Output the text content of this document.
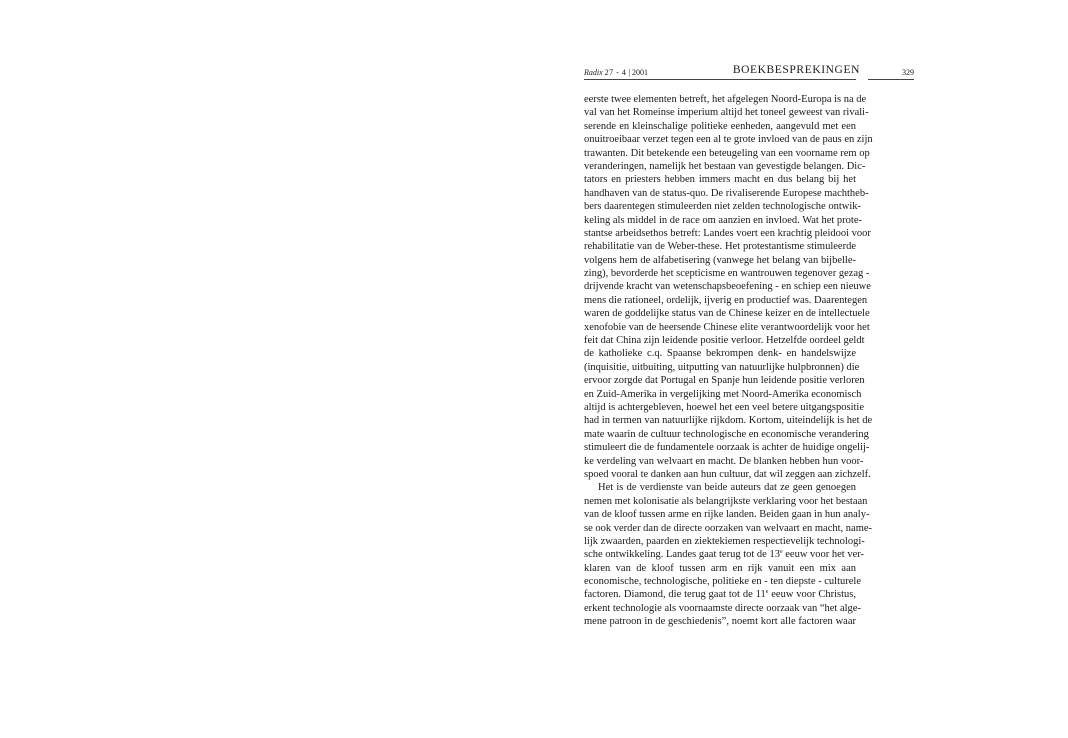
Radix 27 - 4 | 2001	BOEKBESPREKINGEN	329
eerste twee elementen betreft, het afgelegen Noord-Europa is na de
val van het Romeinse imperium altijd het toneel geweest van rivali-
serende en kleinschalige politieke eenheden, aangevuld met een
onuitroeibaar verzet tegen een al te grote invloed van de paus en zijn
trawanten. Dit betekende een beteugeling van een voorname rem op
veranderingen, namelijk het bestaan van gevestigde belangen. Dic-
tators en priesters hebben immers macht en dus belang bij het
handhaven van de status-quo. De rivaliserende Europese machtheb-
bers daarentegen stimuleerden niet zelden technologische ontwik-
keling als middel in de race om aanzien en invloed. Wat het prote-
stantse arbeidsethos betreft: Landes voert een krachtig pleidooi voor
rehabilitatie van de Weber-these. Het protestantisme stimuleerde
volgens hem de alfabetisering (vanwege het belang van bijbelle-
zing), bevorderde het scepticisme en wantrouwen tegenover gezag -
drijvende kracht van wetenschapsbeoefening - en schiep een nieuwe
mens die rationeel, ordelijk, ijverig en productief was. Daarentegen
waren de goddelijke status van de Chinese keizer en de intellectuele
xenofobie van de heersende Chinese elite verantwoordelijk voor het
feit dat China zijn leidende positie verloor. Hetzelfde oordeel geldt
de katholieke c.q. Spaanse bekrompen denk- en handelswijze
(inquisitie, uitbuiting, uitputting van natuurlijke hulpbronnen) die
ervoor zorgde dat Portugal en Spanje hun leidende positie verloren
en Zuid-Amerika in vergelijking met Noord-Amerika economisch
altijd is achtergebleven, hoewel het een veel betere uitgangspositie
had in termen van natuurlijke rijkdom. Kortom, uiteindelijk is het de
mate waarin de cultuur technologische en economische verandering
stimuleert die de fundamentele oorzaak is achter de huidige ongelij-
ke verdeling van welvaart en macht. De blanken hebben hun voor-
spoed vooral te danken aan hun cultuur, dat wil zeggen aan zichzelf.
Het is de verdienste van beide auteurs dat ze geen genoegen
nemen met kolonisatie als belangrijkste verklaring voor het bestaan
van de kloof tussen arme en rijke landen. Beiden gaan in hun analy-
se ook verder dan de directe oorzaken van welvaart en macht, name-
lijk zwaarden, paarden en ziektekiemen respectievelijk technologi-
sche ontwikkeling. Landes gaat terug tot de 13e eeuw voor het ver-
klaren van de kloof tussen arm en rijk vanuit een mix aan
economische, technologische, politieke en - ten diepste - culturele
factoren. Diamond, die terug gaat tot de 11e eeuw voor Christus,
erkent technologie als voornaamste directe oorzaak van “het alge-
mene patroon in de geschiedenis”, noemt kort alle factoren waar
